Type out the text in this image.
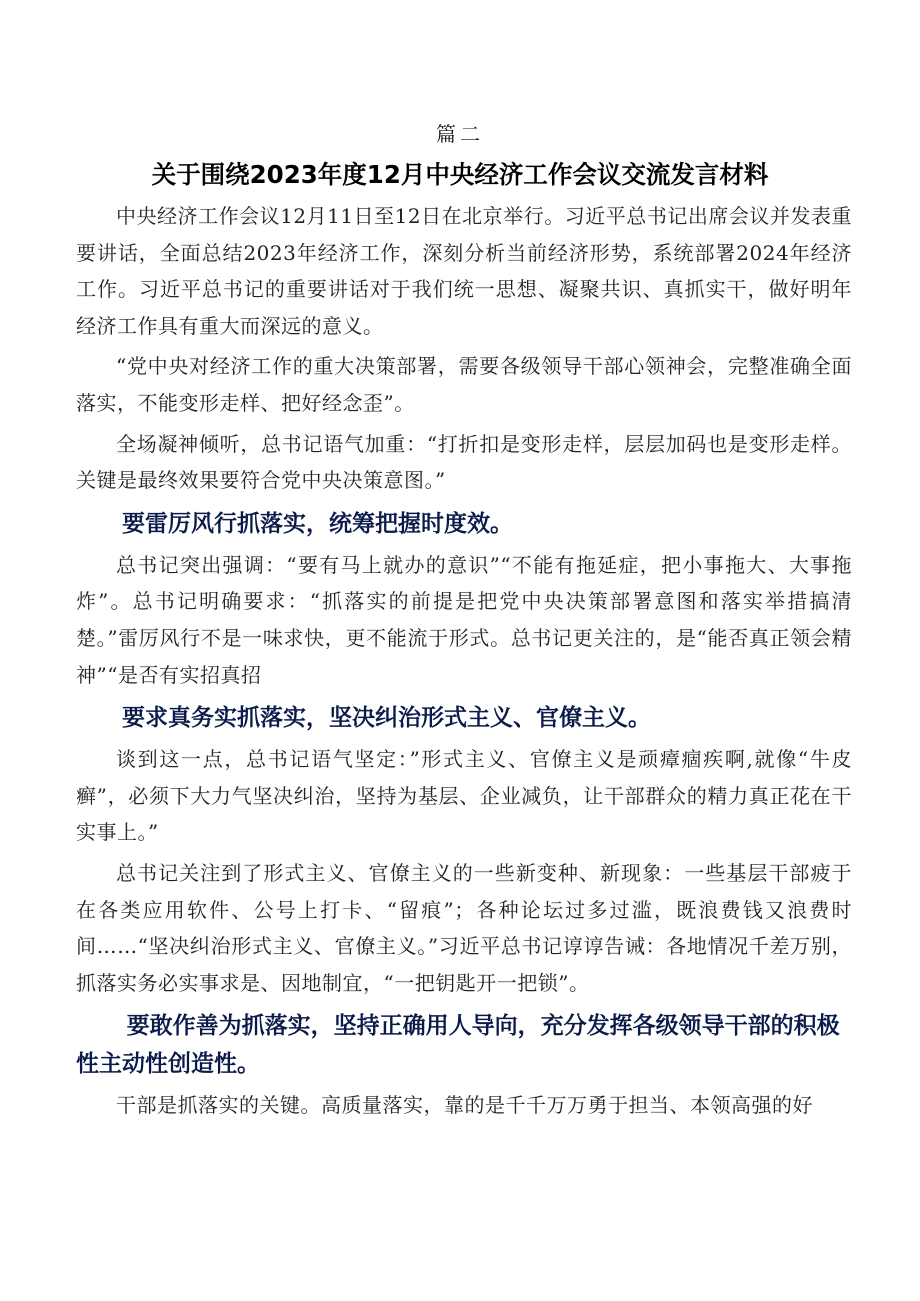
篇二
关于围绕2023年度12月中央经济工作会议交流发言材料

中央经济工作会议12月11日至12日在北京举行。习近平总书记出席会议并发表重要讲话，全面总结2023年经济工作，深刻分析当前经济形势，系统部署2024年经济工作。习近平总书记的重要讲话对于我们统一思想、凝聚共识、真抓实干，做好明年经济工作具有重大而深远的意义。

“党中央对经济工作的重大决策部署，需要各级领导干部心领神会，完整准确全面落实，不能变形走样、把好经念歪”。

全场凝神倾听，总书记语气加重：“打折扣是变形走样，层层加码也是变形走样。关键是最终效果要符合党中央决策意图。”

要雷厉风行抓落实，统筹把握时度效。

总书记突出强调：“要有马上就办的意识”“不能有拖延症，把小事拖大、大事拖炸”。总书记明确要求：“抓落实的前提是把党中央决策部署意图和落实举措搞清楚。”雷厉风行不是一味求快，更不能流于形式。总书记更关注的，是“能否真正领会精神”“是否有实招真招

要求真务实抓落实，坚决纠治形式主义、官僚主义。

谈到这一点，总书记语气坚定：”形式主义、官僚主义是顽瘴痼疾啊,就像“牛皮癣”，必须下大力气坚决纠治，坚持为基层、企业减负，让干部群众的精力真正花在干实事上。”

总书记关注到了形式主义、官僚主义的一些新变种、新现象：一些基层干部疲于在各类应用软件、公号上打卡、“留痕”；各种论坛过多过滥，既浪费钱又浪费时间……“坚决纠治形式主义、官僚主义。”习近平总书记谆谆告诫：各地情况千差万别，抓落实务必实事求是、因地制宜，“一把钥匙开一把锁”。

要敢作善为抓落实，坚持正确用人导向，充分发挥各级领导干部的积极性主动性创造性。

干部是抓落实的关键。高质量落实，靠的是千千万万勇于担当、本领高强的好
